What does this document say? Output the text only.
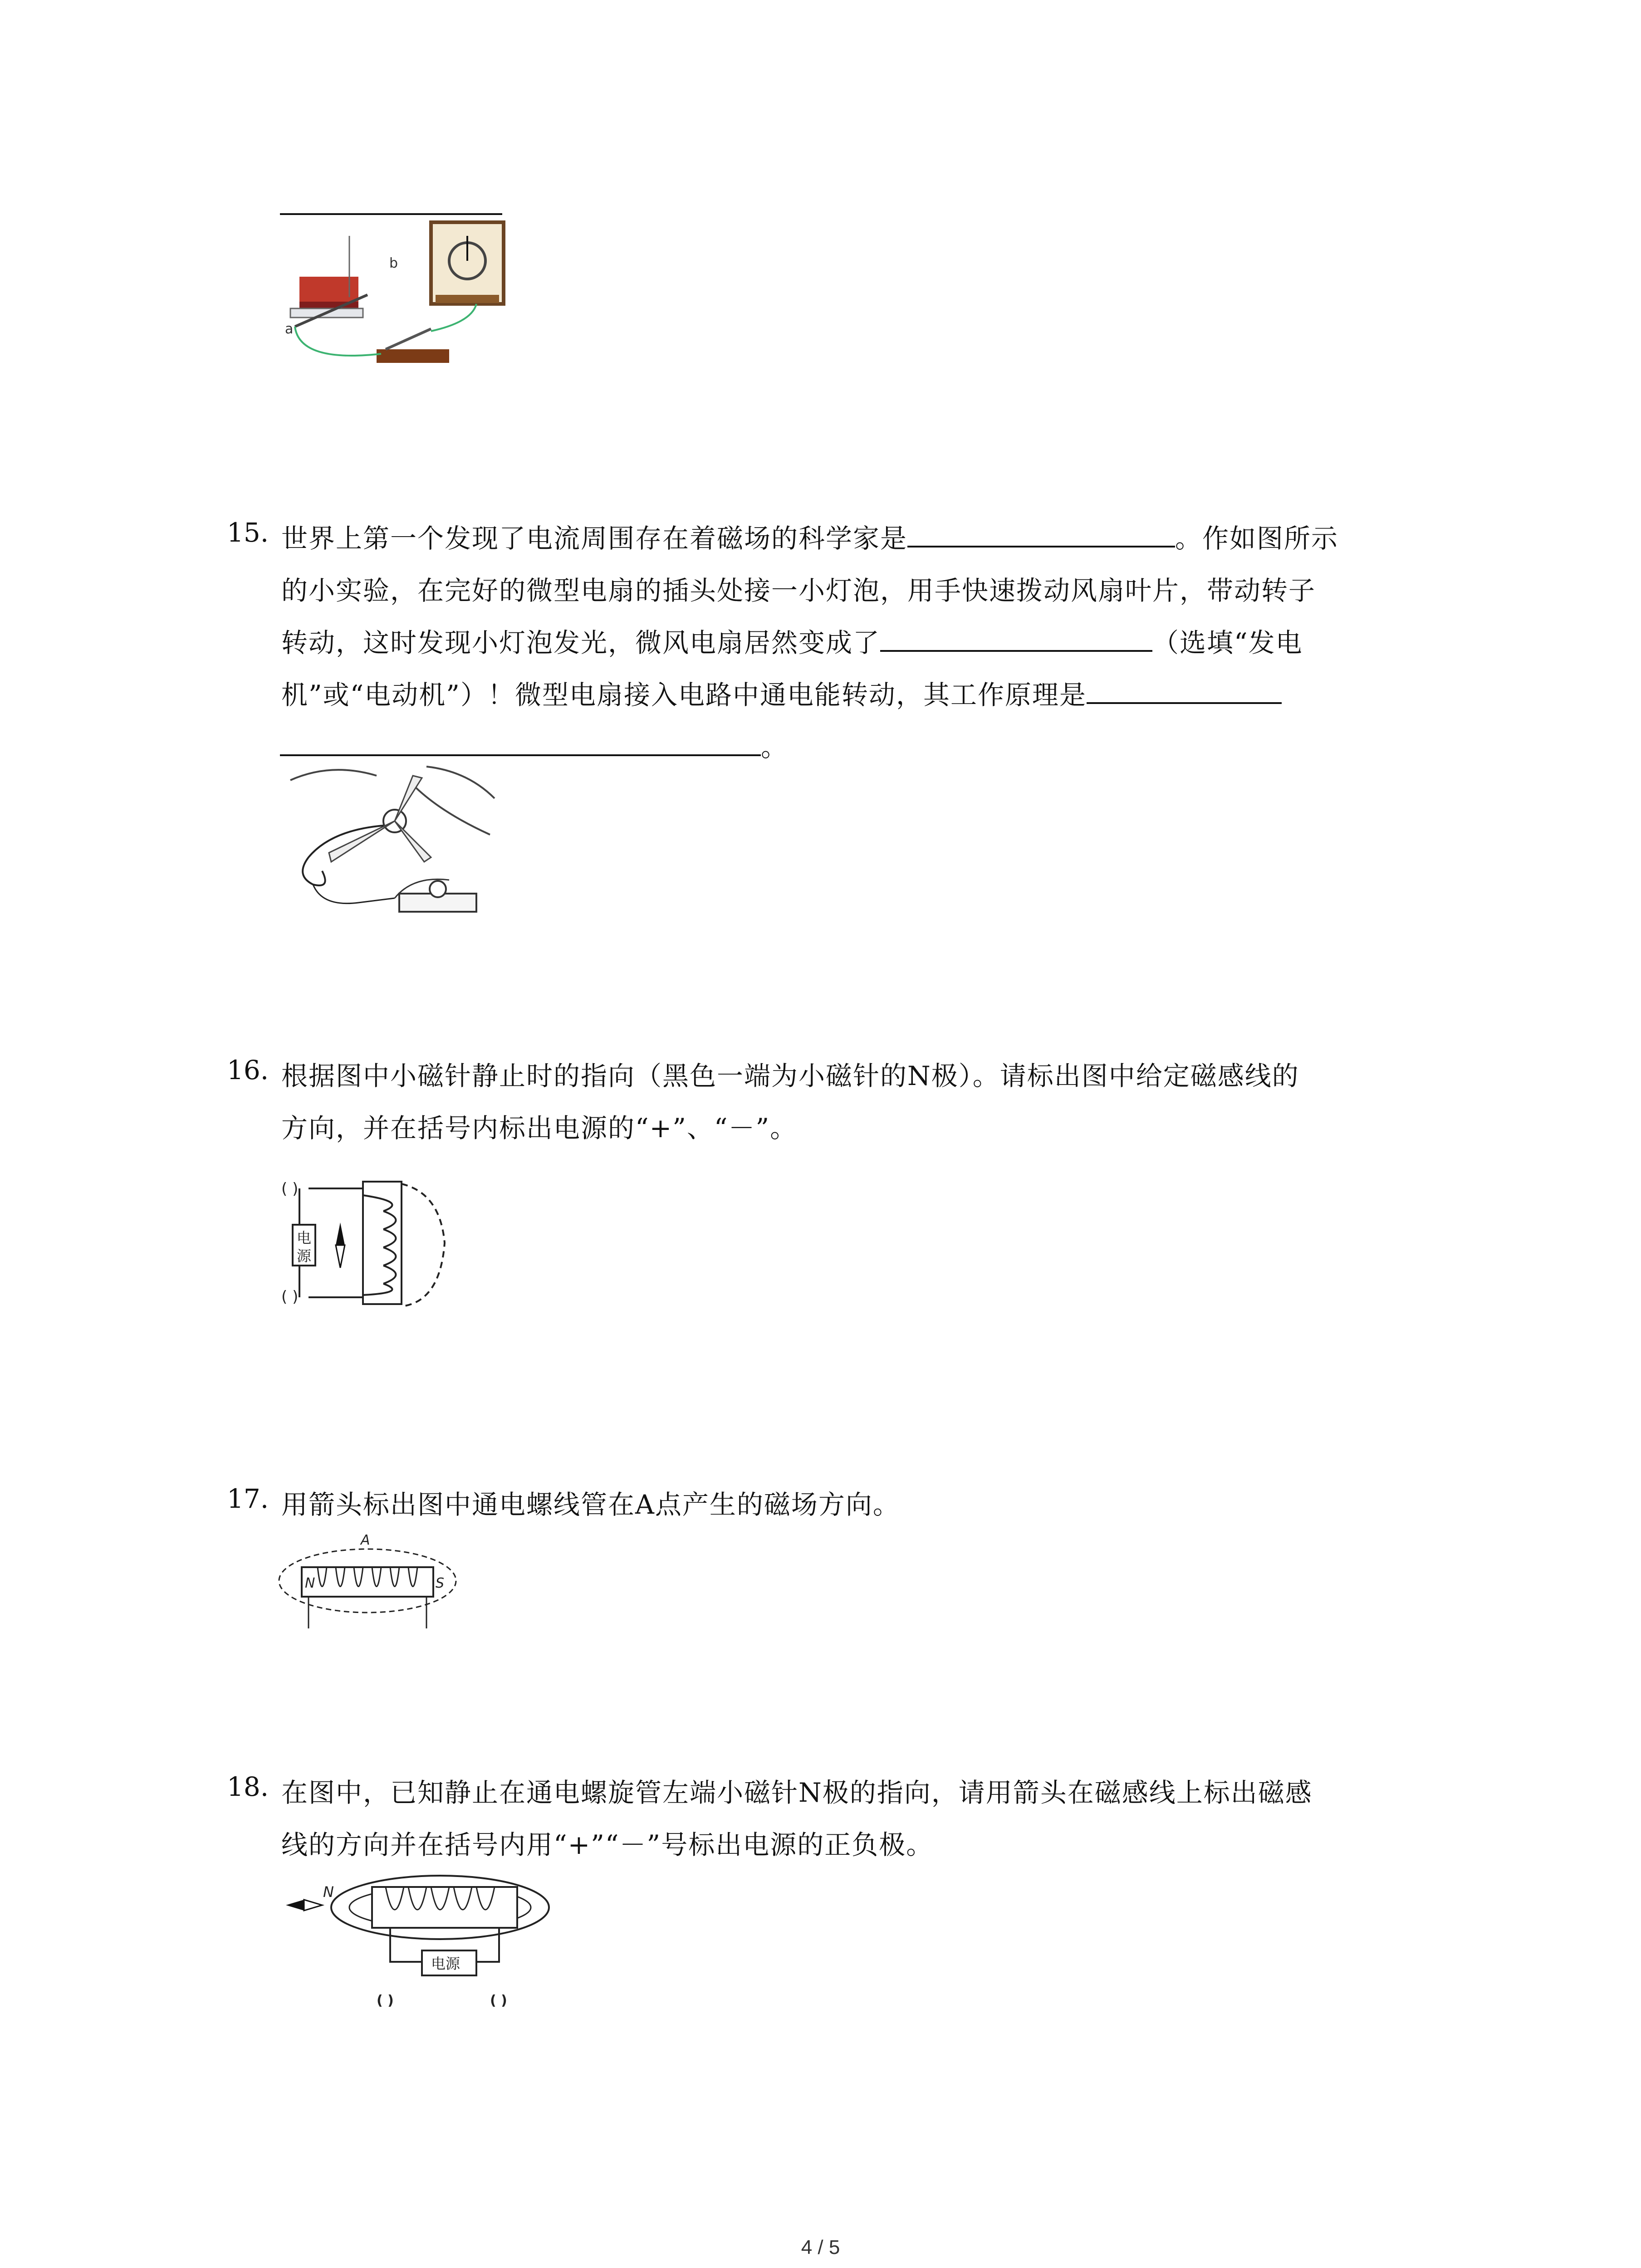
a
b
15. 世界上第一个发现了电流周围存在着磁场的科学家是	。作如图所示
的小实验，在完好的微型电扇的插头处接一小灯泡，用手快速拨动风扇叶片，带动转子
转动，这时发现小灯泡发光，微风电扇居然变成了	（选填“发电
机”或“电动机”）！微型电扇接入电路中通电能转动，其工作原理是
。
16. 根据图中小磁针静止时的指向（黑色一端为小磁针的N极）。请标出图中给定磁感线的
方向，并在括号内标出电源的“+”、“－”。
( )
( )
电
源
17. 用箭头标出图中通电螺线管在A点产生的磁场方向。
A
N	S
18. 在图中，已知静止在通电螺旋管左端小磁针N极的指向，请用箭头在磁感线上标出磁感
线的方向并在括号内用“+”“－”号标出电源的正负极。
N
电源
( )	( )
4 / 5
